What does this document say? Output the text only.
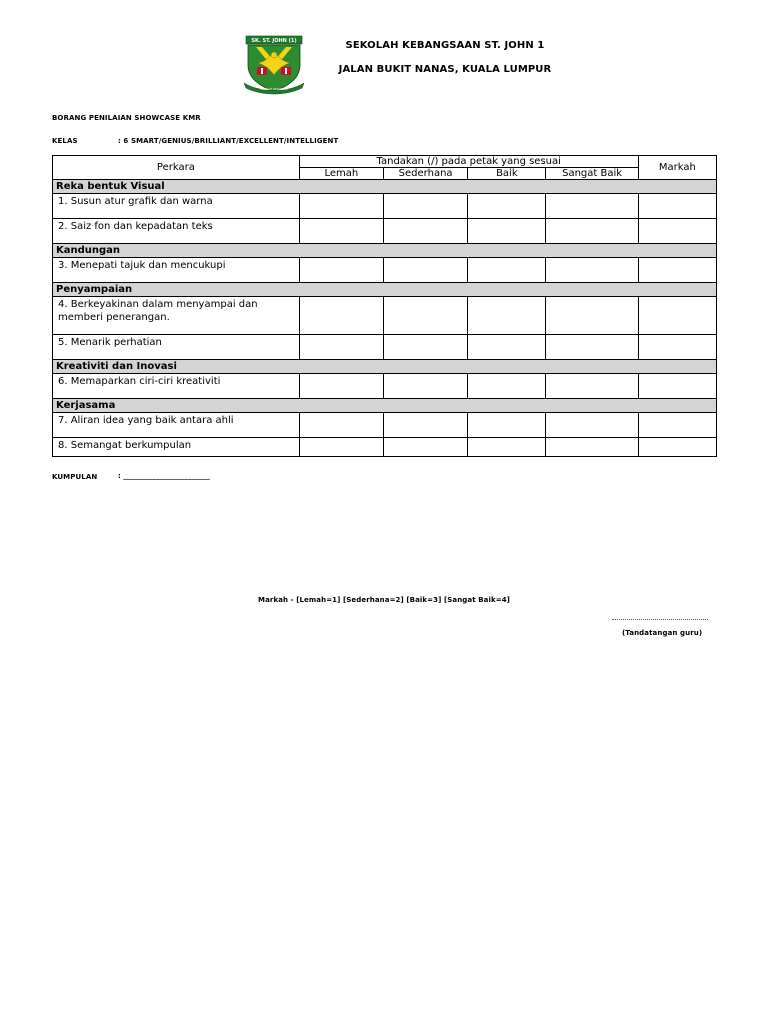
SK. ST. JOHN (1)
MERAIH KEJAYAAN
SEKOLAH KEBANGSAAN ST. JOHN 1
JALAN BUKIT NANAS, KUALA LUMPUR
BORANG PENILAIAN SHOWCASE KMR
KELAS	: 6 SMART/GENIUS/BRILLIANT/EXCELLENT/INTELLIGENT
Perkara	Tandakan (/) pada petak yang sesuai				Markah
	Lemah	Sederhana	Baik	Sangat Baik	
Reka bentuk Visual					

1. Susun atur grafik dan warna					

2. Saiz fon dan kepadatan teks					

Kandungan					

3. Menepati tajuk dan mencukupi					

Penyampaian					

4. Berkeyakinan dalam menyampai dan memberi penerangan.					

5. Menarik perhatian					

Kreativiti dan Inovasi					

6. Memaparkan ciri-ciri kreativiti					

Kerjasama					

7. Aliran idea yang baik antara ahli					

8. Semangat berkumpulan					

KUMPULAN	: ________________________
Markah - [Lemah=1] [Sederhana=2] [Baik=3] [Sangat Baik=4]
(Tandatangan guru)
